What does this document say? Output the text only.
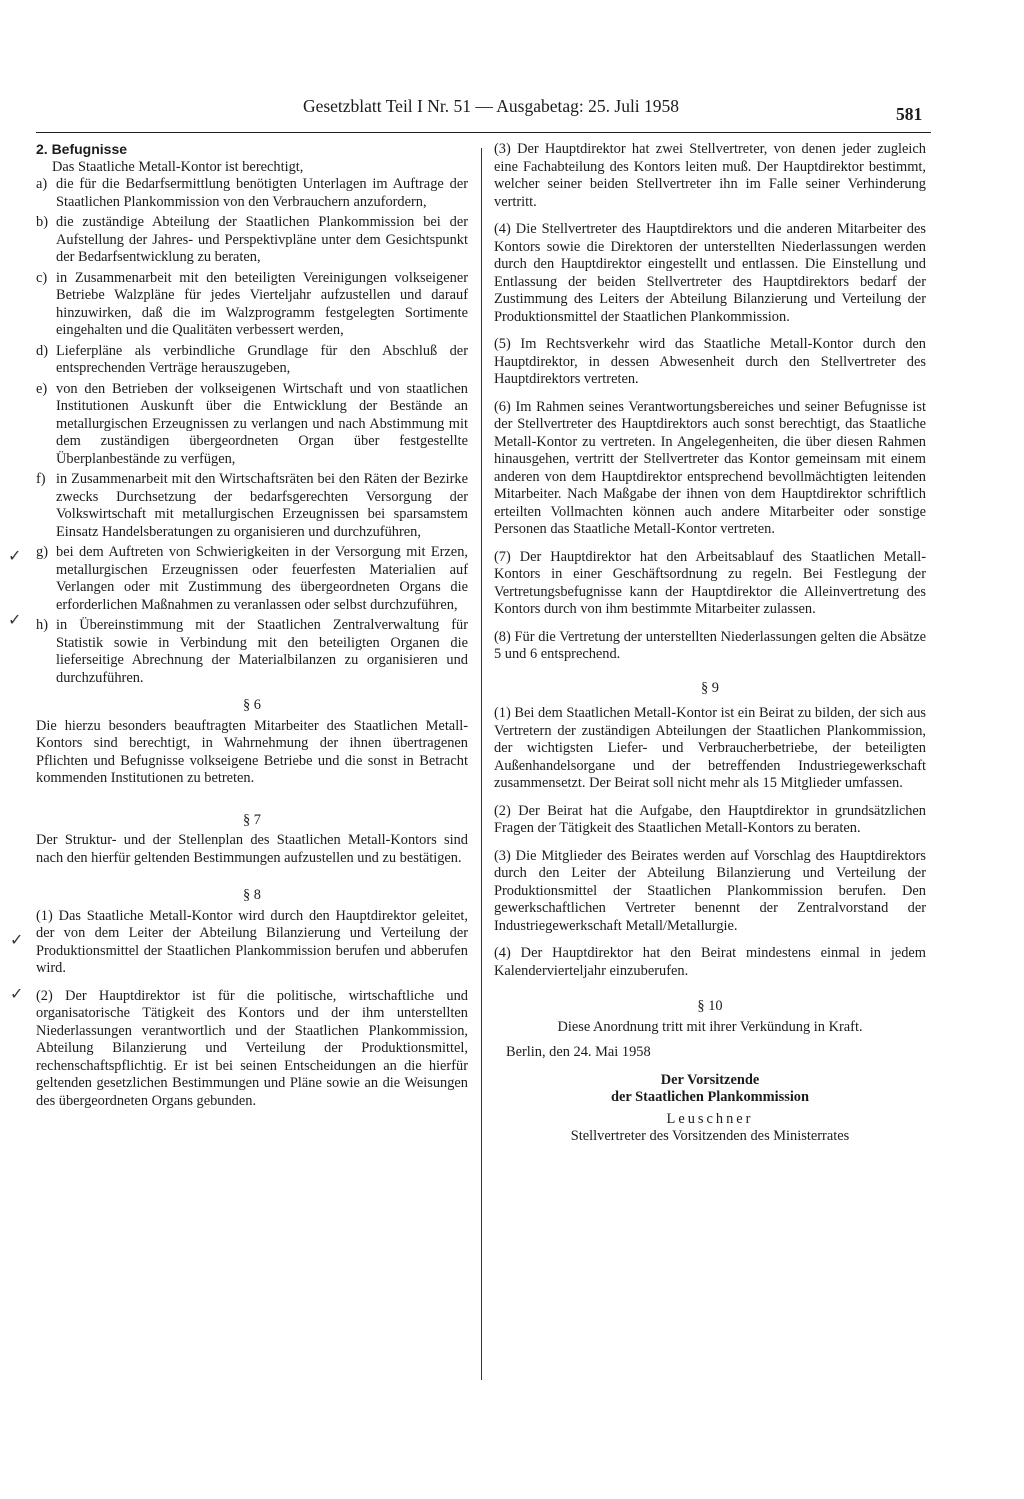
Gesetzblatt Teil I Nr. 51 — Ausgabetag: 25. Juli 1958	581
✓
✓
✓
✓
2. Befugnisse
Das Staatliche Metall-Kontor ist berechtigt,
a) die für die Bedarfsermittlung benötigten Unterlagen im Auftrage der Staatlichen Plankommission von den Verbrauchern anzufordern,
b) die zuständige Abteilung der Staatlichen Plankommission bei der Aufstellung der Jahres- und Perspektivpläne unter dem Gesichtspunkt der Bedarfsentwicklung zu beraten,
c) in Zusammenarbeit mit den beteiligten Vereinigungen volkseigener Betriebe Walzpläne für jedes Vierteljahr aufzustellen und darauf hinzuwirken, daß die im Walzprogramm festgelegten Sortimente eingehalten und die Qualitäten verbessert werden,
d) Lieferpläne als verbindliche Grundlage für den Abschluß der entsprechenden Verträge herauszugeben,
e) von den Betrieben der volkseigenen Wirtschaft und von staatlichen Institutionen Auskunft über die Entwicklung der Bestände an metallurgischen Erzeugnissen zu verlangen und nach Abstimmung mit dem zuständigen übergeordneten Organ über festgestellte Überplanbestände zu verfügen,
f) in Zusammenarbeit mit den Wirtschaftsräten bei den Räten der Bezirke zwecks Durchsetzung der bedarfsgerechten Versorgung der Volkswirtschaft mit metallurgischen Erzeugnissen bei sparsamstem Einsatz Handelsberatungen zu organisieren und durchzuführen,
g) bei dem Auftreten von Schwierigkeiten in der Versorgung mit Erzen, metallurgischen Erzeugnissen oder feuerfesten Materialien auf Verlangen oder mit Zustimmung des übergeordneten Organs die erforderlichen Maßnahmen zu veranlassen oder selbst durchzuführen,
h) in Übereinstimmung mit der Staatlichen Zentralverwaltung für Statistik sowie in Verbindung mit den beteiligten Organen die lieferseitige Abrechnung der Materialbilanzen zu organisieren und durchzuführen.
§ 6
Die hierzu besonders beauftragten Mitarbeiter des Staatlichen Metall-Kontors sind berechtigt, in Wahrnehmung der ihnen übertragenen Pflichten und Befugnisse volkseigene Betriebe und die sonst in Betracht kommenden Institutionen zu betreten.
§ 7
Der Struktur- und der Stellenplan des Staatlichen Metall-Kontors sind nach den hierfür geltenden Bestimmungen aufzustellen und zu bestätigen.
§ 8
(1) Das Staatliche Metall-Kontor wird durch den Hauptdirektor geleitet, der von dem Leiter der Abteilung Bilanzierung und Verteilung der Produktionsmittel der Staatlichen Plankommission berufen und abberufen wird.
(2) Der Hauptdirektor ist für die politische, wirtschaftliche und organisatorische Tätigkeit des Kontors und der ihm unterstellten Niederlassungen verantwortlich und der Staatlichen Plankommission, Abteilung Bilanzierung und Verteilung der Produktionsmittel, rechenschaftspflichtig. Er ist bei seinen Entscheidungen an die hierfür geltenden gesetzlichen Bestimmungen und Pläne sowie an die Weisungen des übergeordneten Organs gebunden.
(3) Der Hauptdirektor hat zwei Stellvertreter, von denen jeder zugleich eine Fachabteilung des Kontors leiten muß. Der Hauptdirektor bestimmt, welcher seiner beiden Stellvertreter ihn im Falle seiner Verhinderung vertritt.
(4) Die Stellvertreter des Hauptdirektors und die anderen Mitarbeiter des Kontors sowie die Direktoren der unterstellten Niederlassungen werden durch den Hauptdirektor eingestellt und entlassen. Die Einstellung und Entlassung der beiden Stellvertreter des Hauptdirektors bedarf der Zustimmung des Leiters der Abteilung Bilanzierung und Verteilung der Produktionsmittel der Staatlichen Plankommission.
(5) Im Rechtsverkehr wird das Staatliche Metall-Kontor durch den Hauptdirektor, in dessen Abwesenheit durch den Stellvertreter des Hauptdirektors vertreten.
(6) Im Rahmen seines Verantwortungsbereiches und seiner Befugnisse ist der Stellvertreter des Hauptdirektors auch sonst berechtigt, das Staatliche Metall-Kontor zu vertreten. In Angelegenheiten, die über diesen Rahmen hinausgehen, vertritt der Stellvertreter das Kontor gemeinsam mit einem anderen von dem Hauptdirektor entsprechend bevollmächtigten leitenden Mitarbeiter. Nach Maßgabe der ihnen von dem Hauptdirektor schriftlich erteilten Vollmachten können auch andere Mitarbeiter oder sonstige Personen das Staatliche Metall-Kontor vertreten.
(7) Der Hauptdirektor hat den Arbeitsablauf des Staatlichen Metall-Kontors in einer Geschäftsordnung zu regeln. Bei Festlegung der Vertretungsbefugnisse kann der Hauptdirektor die Alleinvertretung des Kontors durch von ihm bestimmte Mitarbeiter zulassen.
(8) Für die Vertretung der unterstellten Niederlassungen gelten die Absätze 5 und 6 entsprechend.
§ 9
(1) Bei dem Staatlichen Metall-Kontor ist ein Beirat zu bilden, der sich aus Vertretern der zuständigen Abteilungen der Staatlichen Plankommission, der wichtigsten Liefer- und Verbraucherbetriebe, der beteiligten Außenhandelsorgane und der betreffenden Industriegewerkschaft zusammensetzt. Der Beirat soll nicht mehr als 15 Mitglieder umfassen.
(2) Der Beirat hat die Aufgabe, den Hauptdirektor in grundsätzlichen Fragen der Tätigkeit des Staatlichen Metall-Kontors zu beraten.
(3) Die Mitglieder des Beirates werden auf Vorschlag des Hauptdirektors durch den Leiter der Abteilung Bilanzierung und Verteilung der Produktionsmittel der Staatlichen Plankommission berufen. Den gewerkschaftlichen Vertreter benennt der Zentralvorstand der Industriegewerkschaft Metall/Metallurgie.
(4) Der Hauptdirektor hat den Beirat mindestens einmal in jedem Kalendervierteljahr einzuberufen.
§ 10
Diese Anordnung tritt mit ihrer Verkündung in Kraft.
Berlin, den 24. Mai 1958
Der Vorsitzende
der Staatlichen Plankommission
Leuschner
Stellvertreter des Vorsitzenden des Ministerrates
